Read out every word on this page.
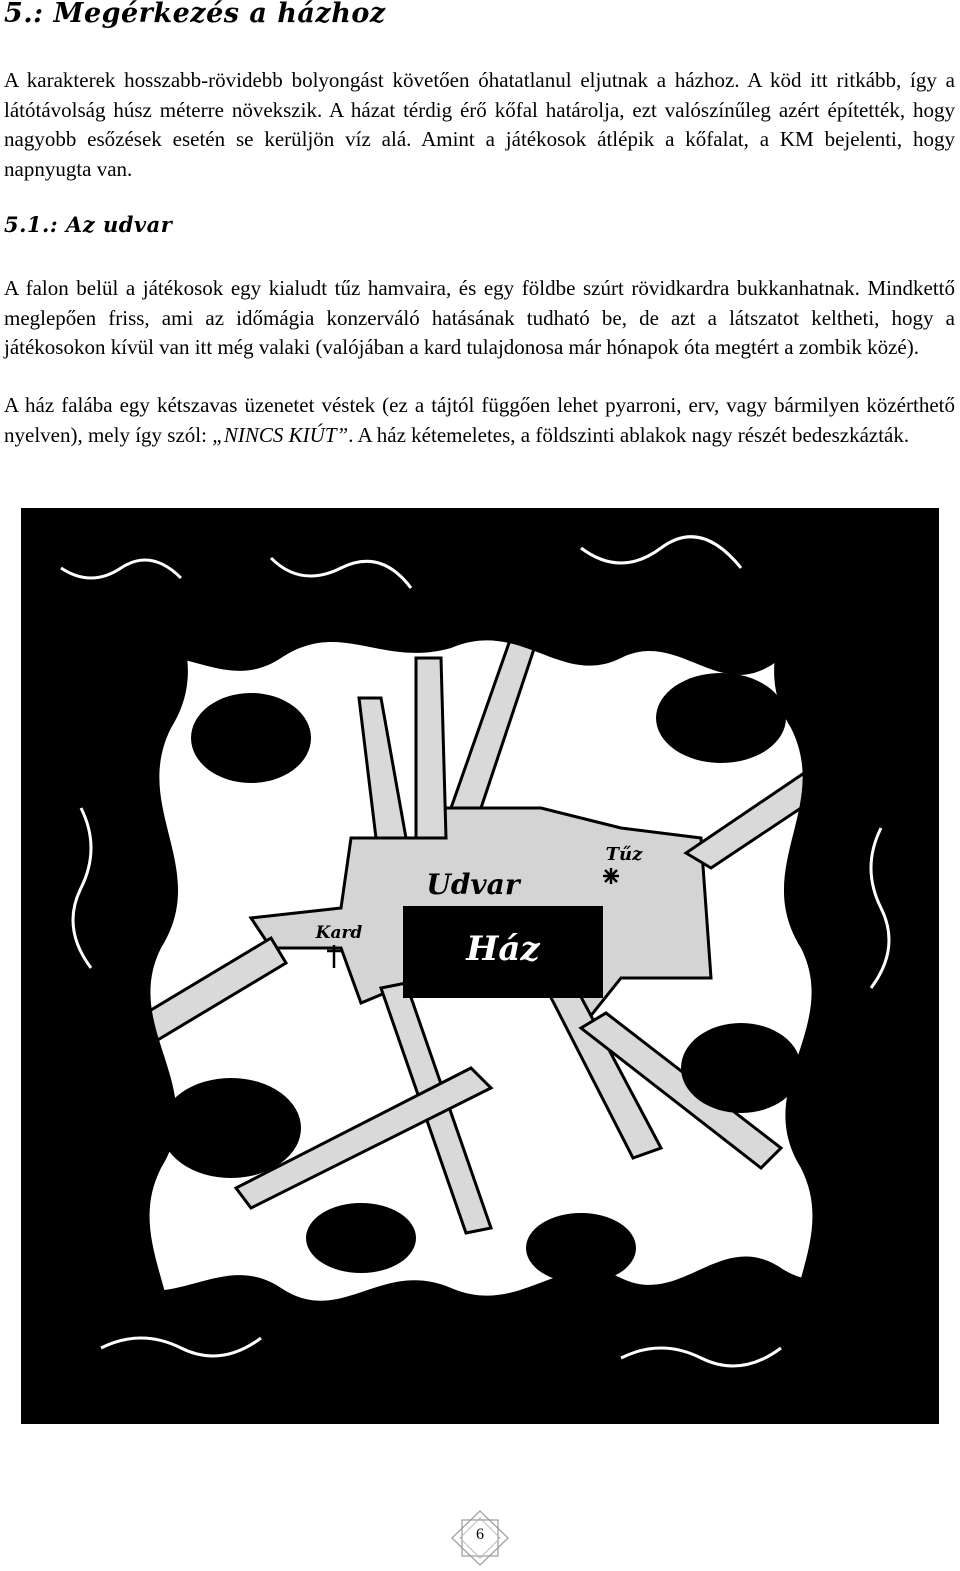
5.: Megérkezés a házhoz

A karakterek hosszabb-rövidebb bolyongást követően óhatatlanul eljutnak a házhoz. A köd itt ritkább, így a látótávolság húsz méterre növekszik. A házat térdig érő kőfal határolja, ezt valószínűleg azért építették, hogy nagyobb esőzések esetén se kerüljön víz alá. Amint a játékosok átlépik a kőfalat, a KM bejelenti, hogy napnyugta van.

5.1.: Az udvar

A falon belül a játékosok egy kialudt tűz hamvaira, és egy földbe szúrt rövidkardra bukkanhatnak. Mindkettő meglepően friss, ami az időmágia konzerváló hatásának tudható be, de azt a látszatot keltheti, hogy a játékosokon kívül van itt még valaki (valójában a kard tulajdonosa már hónapok óta megtért a zombik közé).

A ház falába egy kétszavas üzenetet véstek (ez a tájtól függően lehet pyarroni, erv, vagy bármilyen közérthető nyelven), mely így szól: „NINCS KIÚT”. A ház kétemeletes, a földszinti ablakok nagy részét bedeszkázták.

Ház
Udvar
Tűz
Kard
6
